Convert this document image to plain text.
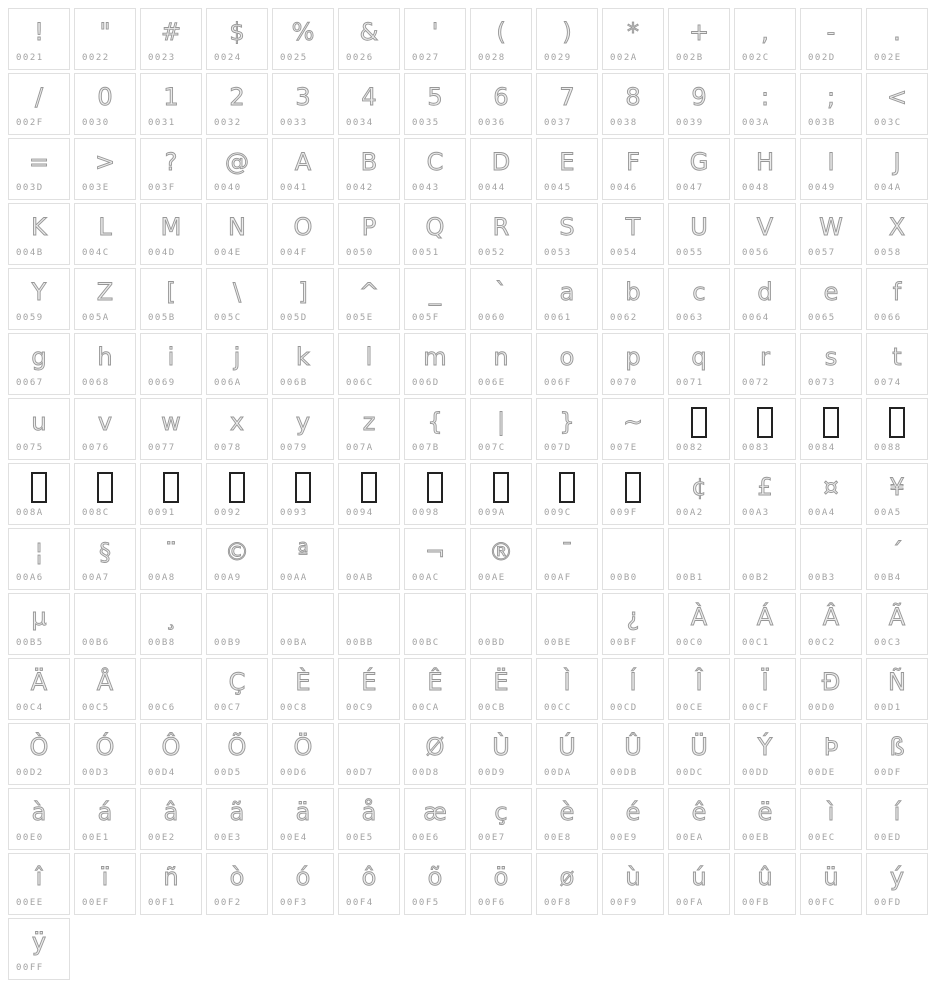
!
0021
"
0022
#
0023
$
0024
%
0025
&
0026
'
0027
(
0028
)
0029
*
002A
+
002B
,
002C
-
002D
.
002E
/
002F
0
0030
1
0031
2
0032
3
0033
4
0034
5
0035
6
0036
7
0037
8
0038
9
0039
:
003A
;
003B
<
003C
=
003D
>
003E
?
003F
@
0040
A
0041
B
0042
C
0043
D
0044
E
0045
F
0046
G
0047
H
0048
I
0049
J
004A
K
004B
L
004C
M
004D
N
004E
O
004F
P
0050
Q
0051
R
0052
S
0053
T
0054
U
0055
V
0056
W
0057
X
0058
Y
0059
Z
005A
[
005B
\
005C
]
005D
^
005E
_
005F
`
0060
a
0061
b
0062
c
0063
d
0064
e
0065
f
0066
g
0067
h
0068
i
0069
j
006A
k
006B
l
006C
m
006D
n
006E
o
006F
p
0070
q
0071
r
0072
s
0073
t
0074
u
0075
v
0076
w
0077
x
0078
y
0079
z
007A
{
007B
|
007C
}
007D
~
007E	0082	0083	0084	0088
008A	008C	0091	0092	0093	0094	0098	009A	009C	009F
¢
00A2
£
00A3
¤
00A4
¥
00A5
¦
00A6
§
00A7
¨
00A8
©
00A9
ª
00AA	00AB
¬
00AC
®
00AE
¯
00AF	00B0	00B1	00B2	00B3
´
00B4
µ
00B5	00B6
¸
00B8	00B9	00BA	00BB	00BC	00BD	00BE
¿
00BF
À
00C0
Á
00C1
Â
00C2
Ã
00C3
Ä
00C4
Å
00C5	00C6
Ç
00C7
È
00C8
É
00C9
Ê
00CA
Ë
00CB
Ì
00CC
Í
00CD
Î
00CE
Ï
00CF
Ð
00D0
Ñ
00D1
Ò
00D2
Ó
00D3
Ô
00D4
Õ
00D5
Ö
00D6	00D7
Ø
00D8
Ù
00D9
Ú
00DA
Û
00DB
Ü
00DC
Ý
00DD
Þ
00DE
ß
00DF
à
00E0
á
00E1
â
00E2
ã
00E3
ä
00E4
å
00E5
æ
00E6
ç
00E7
è
00E8
é
00E9
ê
00EA
ë
00EB
ì
00EC
í
00ED
î
00EE
ï
00EF
ñ
00F1
ò
00F2
ó
00F3
ô
00F4
õ
00F5
ö
00F6
ø
00F8
ù
00F9
ú
00FA
û
00FB
ü
00FC
ý
00FD
ÿ
00FF
